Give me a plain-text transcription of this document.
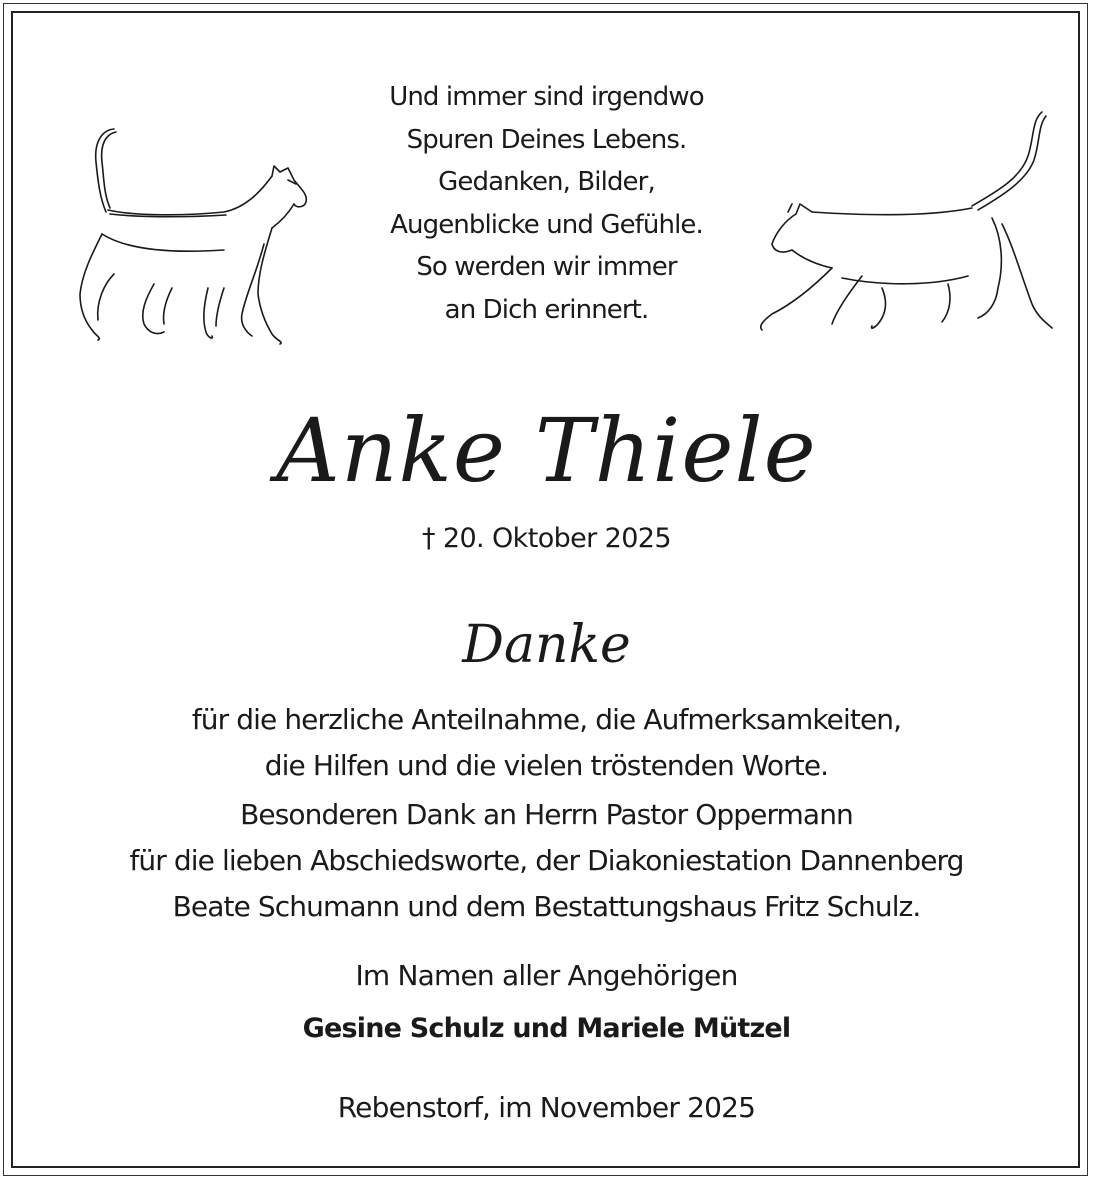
Und immer sind irgendwo
Spuren Deines Lebens.
Gedanken, Bilder,
Augenblicke und Gefühle.
So werden wir immer
an Dich erinnert.
Anke Thiele
† 20. Oktober 2025
Danke
für die herzliche Anteilnahme, die Aufmerksamkeiten,
die Hilfen und die vielen tröstenden Worte.
Besonderen Dank an Herrn Pastor Oppermann
für die lieben Abschiedsworte, der Diakoniestation Dannenberg
Beate Schumann und dem Bestattungshaus Fritz Schulz.
Im Namen aller Angehörigen
Gesine Schulz und Mariele Mützel
Rebenstorf, im November 2025
